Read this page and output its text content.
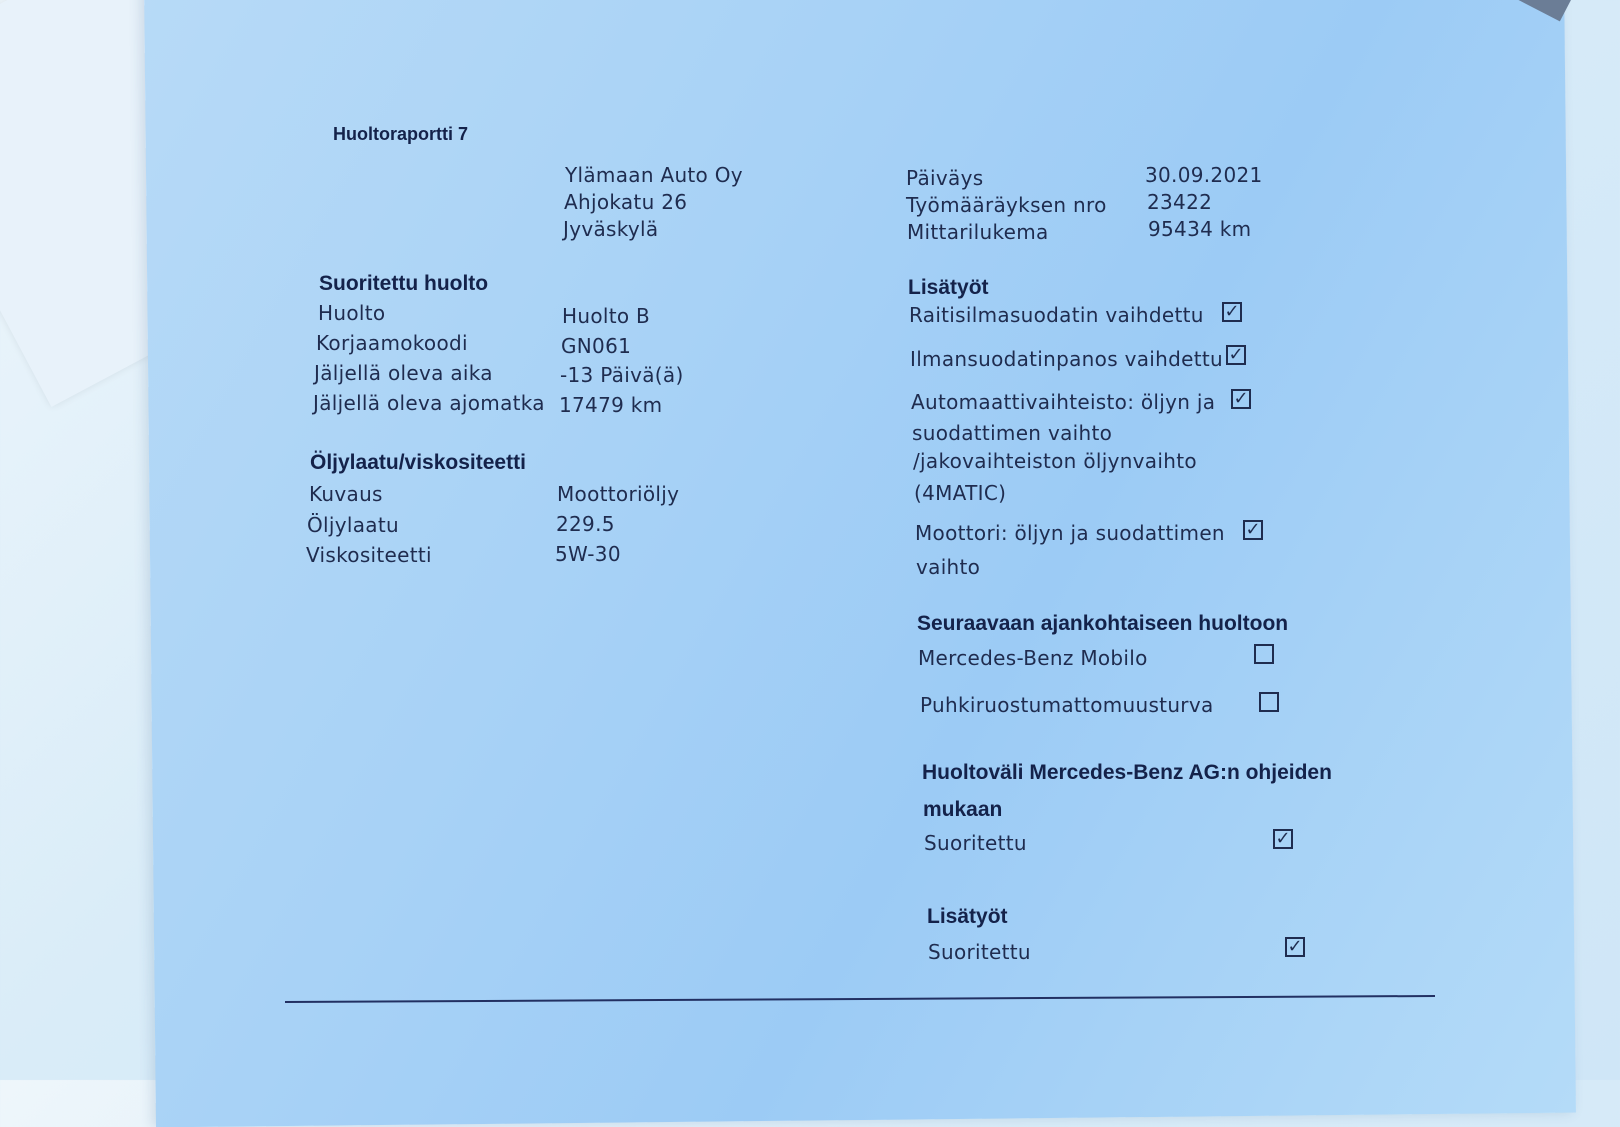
Huoltoraportti 7
Ylämaan Auto Oy
Ahjokatu 26
Jyväskylä
Päiväys	30.09.2021
Työmääräyksen nro 23422
Mittarilukema	95434 km
Suoritettu huolto
Huolto	Huolto B
Korjaamokoodi	GN061
Jäljellä oleva aika	-13 Päivä(ä)
Jäljellä oleva ajomatka 17479 km
Öljylaatu/viskositeetti
Kuvaus	Moottoriöljy
Öljylaatu	229.5
Viskositeetti	5W-30
Lisätyöt
Raitisilmasuodatin vaihdettu ✓
Ilmansuodatinpanos vaihdettu ✓
Automaattivaihteisto: öljyn ja
suodattimen vaihto
/jakovaihteiston öljynvaihto
(4MATIC)
✓
Moottori: öljyn ja suodattimen
vaihto
✓
Seuraavaan ajankohtaiseen huoltoon
Mercedes-Benz Mobilo
Puhkiruostumattomuusturva
Huoltoväli Mercedes-Benz AG:n ohjeiden
mukaan
Suoritettu	✓
Lisätyöt
Suoritettu	✓
